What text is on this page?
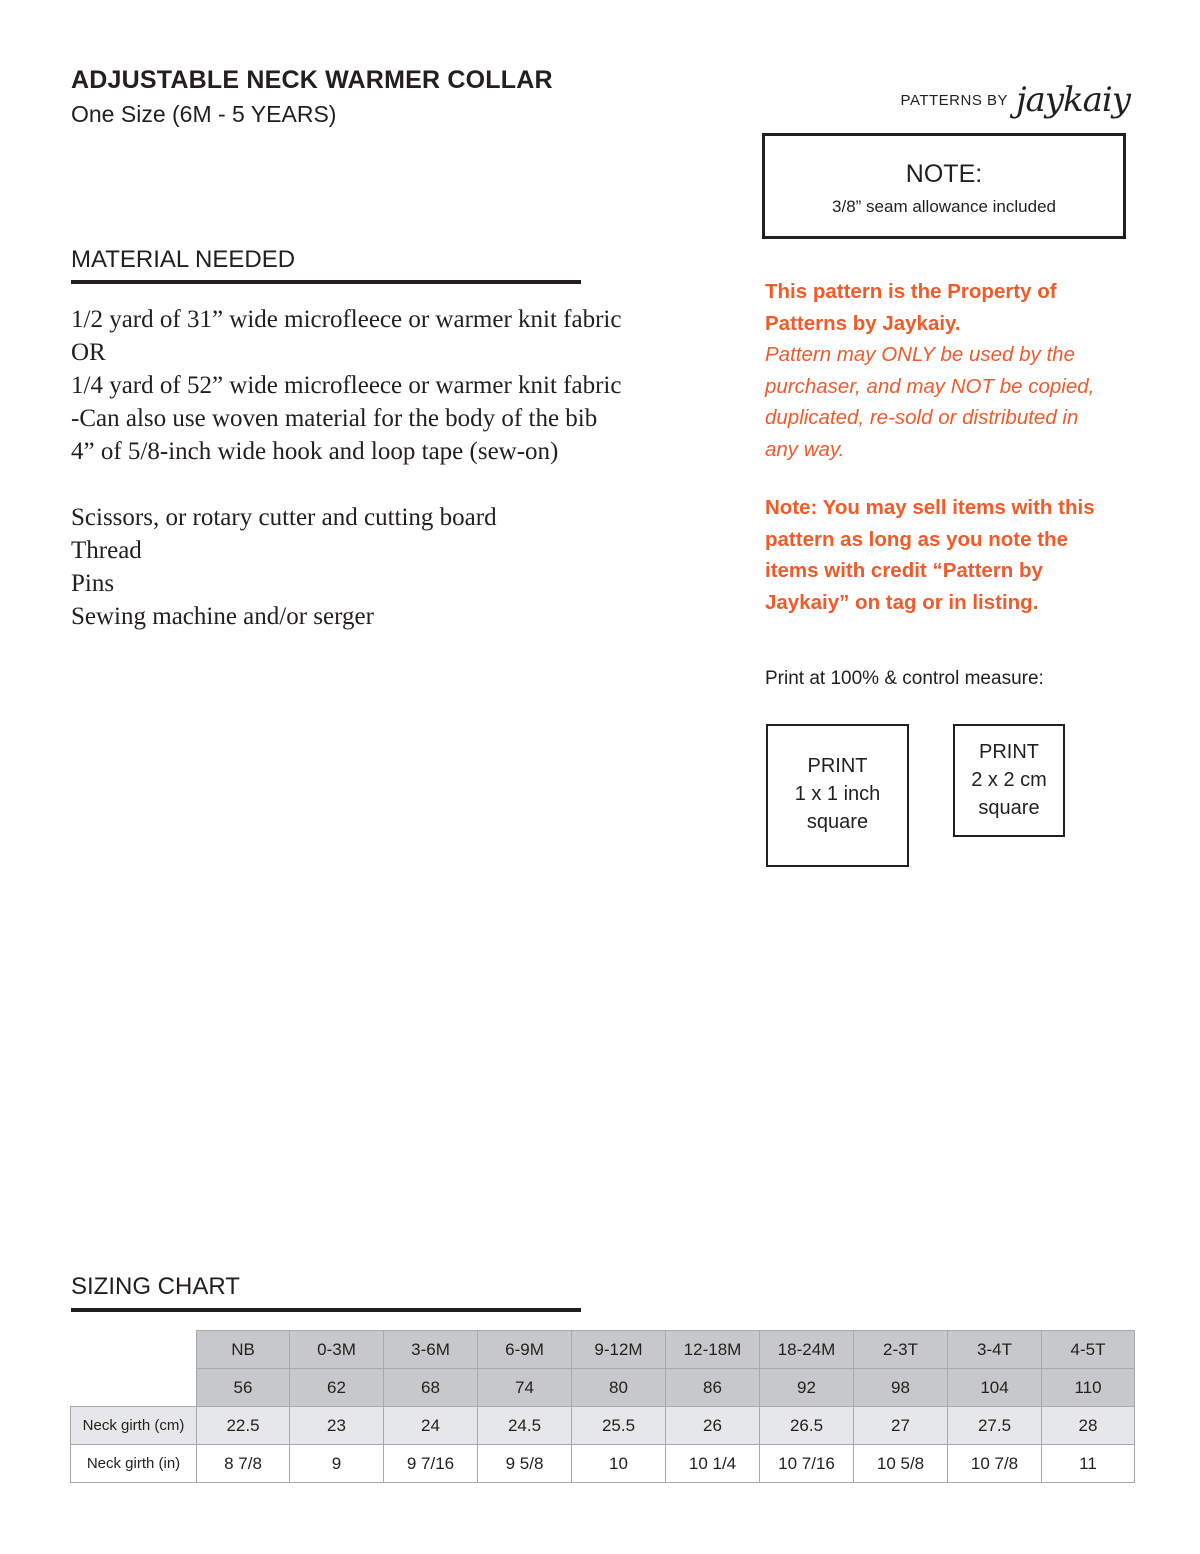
ADJUSTABLE NECK WARMER COLLAR
One Size (6M - 5 YEARS)
PATTERNS BY jaykaiy
NOTE:
3/8” seam allowance included
MATERIAL NEEDED
1/2 yard of 31” wide microfleece or warmer knit fabric
OR
1/4 yard of 52” wide microfleece or warmer knit fabric
-Can also use woven material for the body of the bib
4” of 5/8-inch wide hook and loop tape (sew-on)
Scissors, or rotary cutter and cutting board
Thread
Pins
Sewing machine and/or serger
This pattern is the Property of
Patterns by Jaykaiy.
Pattern may ONLY be used by the
purchaser, and may NOT be copied,
duplicated, re-sold or distributed in
any way.
Note: You may sell items with this
pattern as long as you note the
items with credit “Pattern by
Jaykaiy” on tag or in listing.
Print at 100% & control measure:
PRINT
1 x 1 inch
square
PRINT
2 x 2 cm
square
SIZING CHART
	NB	0-3M	3-6M	6-9M	9-12M	12-18M	18-24M	2-3T	3-4T	4-5T
	56	62	68	74	80	86	92	98	104	110
Neck girth (cm)	22.5	23	24	24.5	25.5	26	26.5	27	27.5	28
Neck girth (in)	8 7/8	9	9 7/16	9 5/8	10	10 1/4	10 7/16	10 5/8	10 7/8	11
